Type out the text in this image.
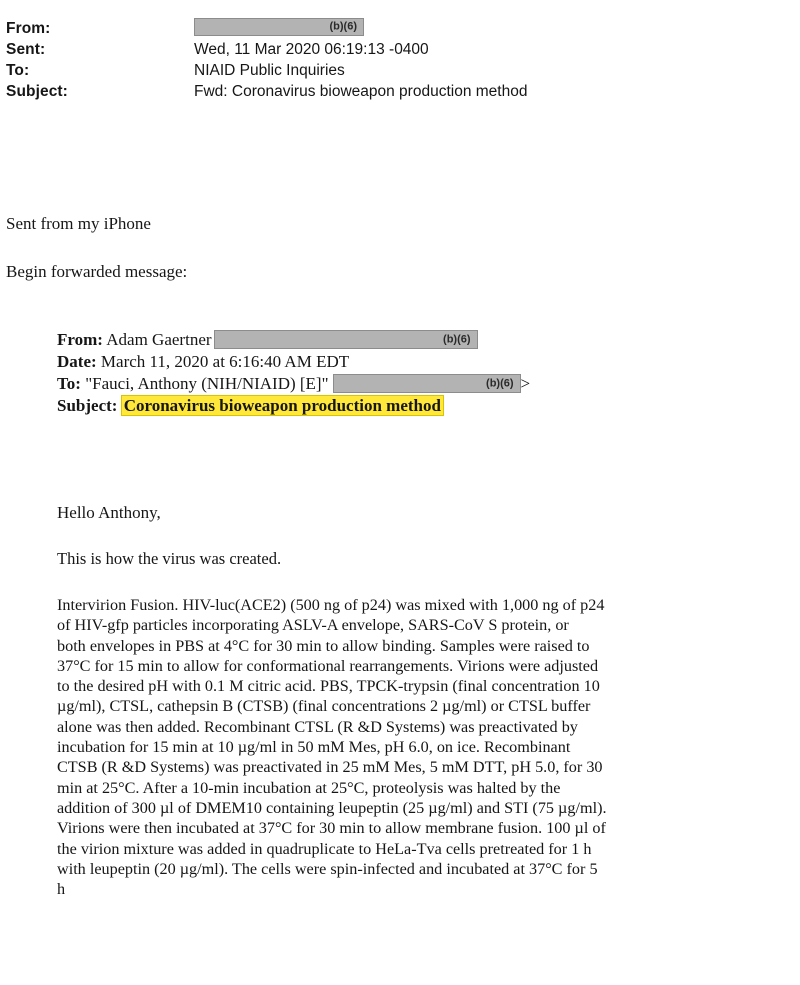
From:	(b)(6)
Sent:	Wed, 11 Mar 2020 06:19:13 -0400
To:	NIAID Public Inquiries
Subject:	Fwd: Coronavirus bioweapon production method
Sent from my iPhone
Begin forwarded message:
From: Adam Gaertner	(b)(6)
Date: March 11, 2020 at 6:16:40 AM EDT
To: "Fauci, Anthony (NIH/NIAID) [E]"	(b)(6) >
Subject: Coronavirus bioweapon production method
Hello Anthony,
This is how the virus was created.
Intervirion Fusion. HIV-luc(ACE2) (500 ng of p24) was mixed with 1,000 ng of p24
of HIV-gfp particles incorporating ASLV-A envelope, SARS-CoV S protein, or
both envelopes in PBS at 4°C for 30 min to allow binding. Samples were raised to
37°C for 15 min to allow for conformational rearrangements. Virions were adjusted
to the desired pH with 0.1 M citric acid. PBS, TPCK-trypsin (final concentration 10
µg/ml), CTSL, cathepsin B (CTSB) (final concentrations 2 µg/ml) or CTSL buffer
alone was then added. Recombinant CTSL (R &D Systems) was preactivated by
incubation for 15 min at 10 µg/ml in 50 mM Mes, pH 6.0, on ice. Recombinant
CTSB (R &D Systems) was preactivated in 25 mM Mes, 5 mM DTT, pH 5.0, for 30
min at 25°C. After a 10-min incubation at 25°C, proteolysis was halted by the
addition of 300 µl of DMEM10 containing leupeptin (25 µg/ml) and STI (75 µg/ml).
Virions were then incubated at 37°C for 30 min to allow membrane fusion. 100 µl of
the virion mixture was added in quadruplicate to HeLa-Tva cells pretreated for 1 h
with leupeptin (20 µg/ml). The cells were spin-infected and incubated at 37°C for 5
h
